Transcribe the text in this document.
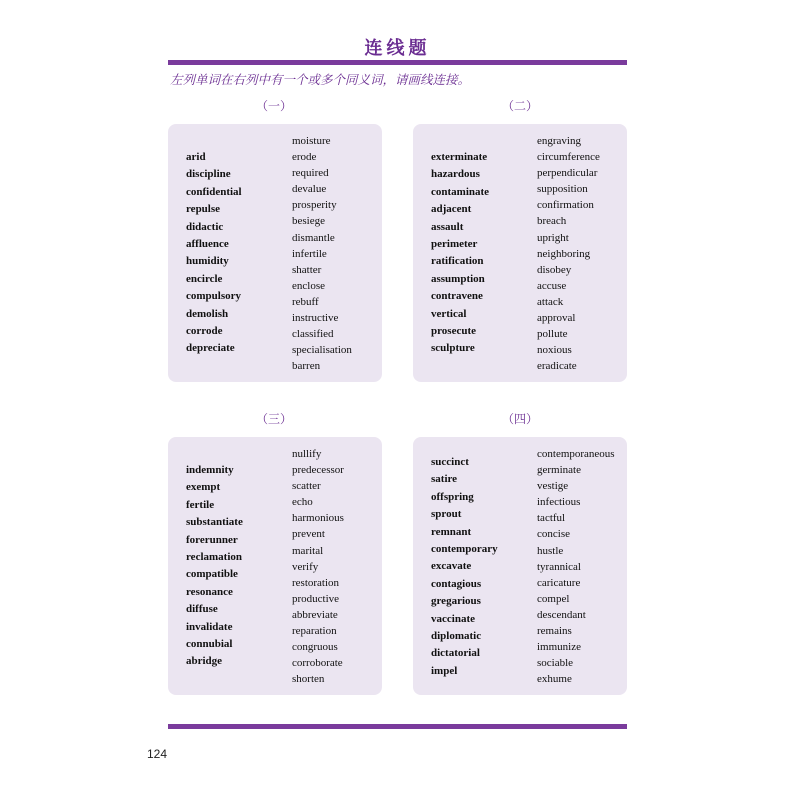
连线题
左列单词在右列中有一个或多个同义词，请画线连接。
（一）
arid
discipline
confidential
repulse
didactic
affluence
humidity
encircle
compulsory
demolish
corrode
depreciate
moisture
erode
required
devalue
prosperity
besiege
dismantle
infertile
shatter
enclose
rebuff
instructive
classified
specialisation
barren
（二）
exterminate
hazardous
contaminate
adjacent
assault
perimeter
ratification
assumption
contravene
vertical
prosecute
sculpture
engraving
circumference
perpendicular
supposition
confirmation
breach
upright
neighboring
disobey
accuse
attack
approval
pollute
noxious
eradicate
（三）
indemnity
exempt
fertile
substantiate
forerunner
reclamation
compatible
resonance
diffuse
invalidate
connubial
abridge
nullify
predecessor
scatter
echo
harmonious
prevent
marital
verify
restoration
productive
abbreviate
reparation
congruous
corroborate
shorten
（四）
succinct
satire
offspring
sprout
remnant
contemporary
excavate
contagious
gregarious
vaccinate
diplomatic
dictatorial
impel
contemporaneous
germinate
vestige
infectious
tactful
concise
hustle
tyrannical
caricature
compel
descendant
remains
immunize
sociable
exhume
124
